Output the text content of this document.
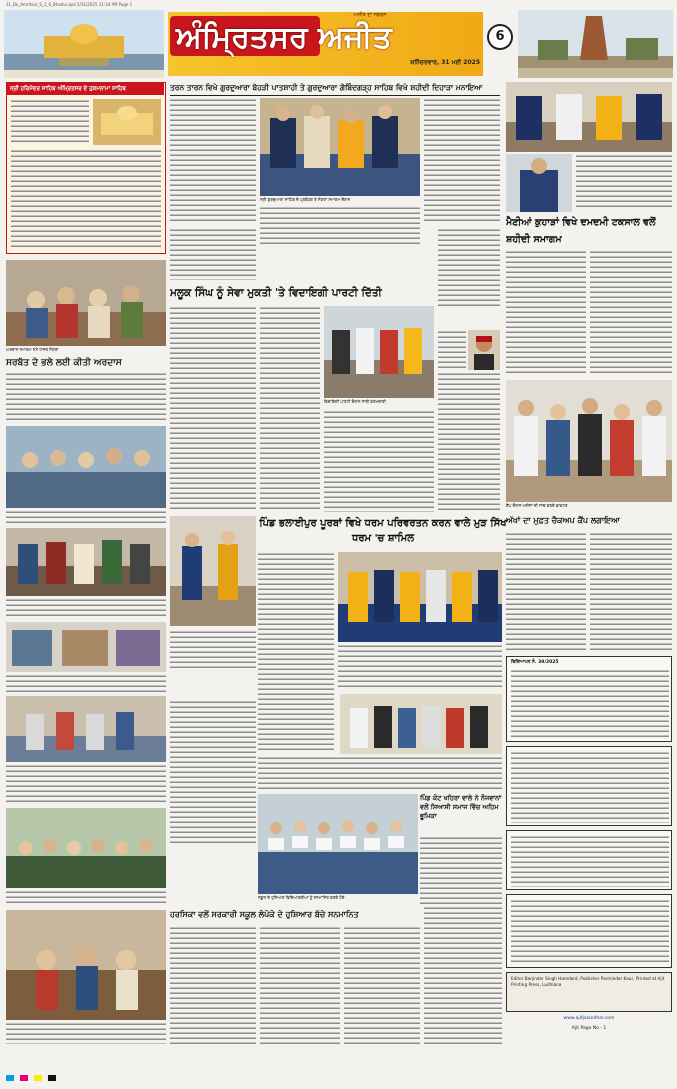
31_Bo_Amritsar_S_1_6_Bhadui.qxd 5/31/2025 11:34 PM Page 1
ਅੰਮ੍ਰਿਤਸਰ ਅਜੀਤ
ਅਜੀਤ ਦਾ ਸਫ਼ਰਨ
ਸ਼ਨਿੱਚਰਵਾਰ, 31 ਮਈ 2025
6
ਸ੍ਰੀ ਹਰਿਮੰਦਰ ਸਾਹਿਬ ਅੰਮ੍ਰਿਤਸਰ ਦੇ ਹੁਕਮਨਾਮਾ ਸਾਹਿਬ
ਅਰਦਾਸ ਸਮਾਗਮ ਸਮੇਂ ਹਾਜ਼ਰ ਸੰਗਤਾਂ
ਸਰਬੱਤ ਦੇ ਭਲੇ ਲਈ ਕੀਤੀ ਅਰਦਾਸ
ਤਰਨ ਤਾਰਨ ਵਿਖੇ ਗੁਰਦੁਆਰਾ ਬੋਹੜੀ ਪਾਤਸ਼ਾਹੀ ਤੇ ਗੁਰਦੁਆਰਾ ਗੋਬਿੰਦਗੜ੍ਹ ਸਾਹਿਬ ਵਿਖੇ ਸ਼ਹੀਦੀ ਦਿਹਾੜਾ ਮਨਾਇਆ
ਸ੍ਰੀ ਗੁਰਦੁਆਰਾ ਸਾਹਿਬ ਦੇ ਪ੍ਰਬੰਧਕ ਤੇ ਸੰਗਤਾਂ ਸਮਾਗਮ ਦੌਰਾਨ
ਮਲੂਕ ਸਿੰਘ ਨੂੰ ਸੇਵਾ ਮੁਕਤੀ 'ਤੇ ਵਿਦਾਇਗੀ ਪਾਰਟੀ ਦਿੱਤੀ
ਵਿਦਾਇਗੀ ਪਾਰਟੀ ਦੌਰਾਨ ਸਾਥੀ ਕਰਮਚਾਰੀ
ਪਿੰਡ ਭਲਾਈਪੁਰ ਪੂਰਬਾਂ ਵਿਖੇ ਧਰਮ ਪਰਿਵਰਤਨ ਕਰਨ ਵਾਲੇ ਮੁੜ ਸਿੱਖ ਧਰਮ 'ਚ ਸ਼ਾਮਿਲ
ਸਕੂਲ ਦੇ ਹੁਸ਼ਿਆਰ ਵਿਦਿਆਰਥੀਆਂ ਨੂੰ ਸਨਮਾਨਿਤ ਕਰਦੇ ਹੋਏ
ਪਿੰਡ ਕੋਟ ਖਹਿਰਾ ਵਾਲੇ ਨੇ ਨੌਜਵਾਨਾਂ ਵਲੋਂ ਸਿਆਸੀ ਸਮਾਜ ਵਿੱਚ ਅਹਿਮ ਭੂਮਿਕਾ
ਹਰਸਿਕਾ ਵਲੋਂ ਸਰਕਾਰੀ ਸਕੂਲ ਲੋਪੋਕੇ ਦੇ ਹੁਸ਼ਿਆਰ ਬੱਚੇ ਸਨਮਾਨਿਤ
ਮੈਣੀਆਂ ਕੁਹਾੜਾਂ ਵਿਖੇ ਦਮਦਮੀ ਟਕਸਾਲ ਵਲੋਂ ਸ਼ਹੀਦੀ ਸਮਾਗਮ
ਕੈਂਪ ਦੌਰਾਨ ਮਰੀਜ਼ਾਂ ਦੀ ਜਾਂਚ ਕਰਦੇ ਡਾਕਟਰ
ਅੱਖਾਂ ਦਾ ਮੁਫ਼ਤ ਚੈਕਅਪ ਕੈਂਪ ਲਗਾਇਆ
ਵਿਗਿਆਪਨ ਨੰ. 39/2025
Editor Barjinder Singh Hamdard, Publisher Parminder Kaur, Printed at Ajit Printing Press, Ludhiana
www.ajitjalandhar.com
Ajit Page No - 1
